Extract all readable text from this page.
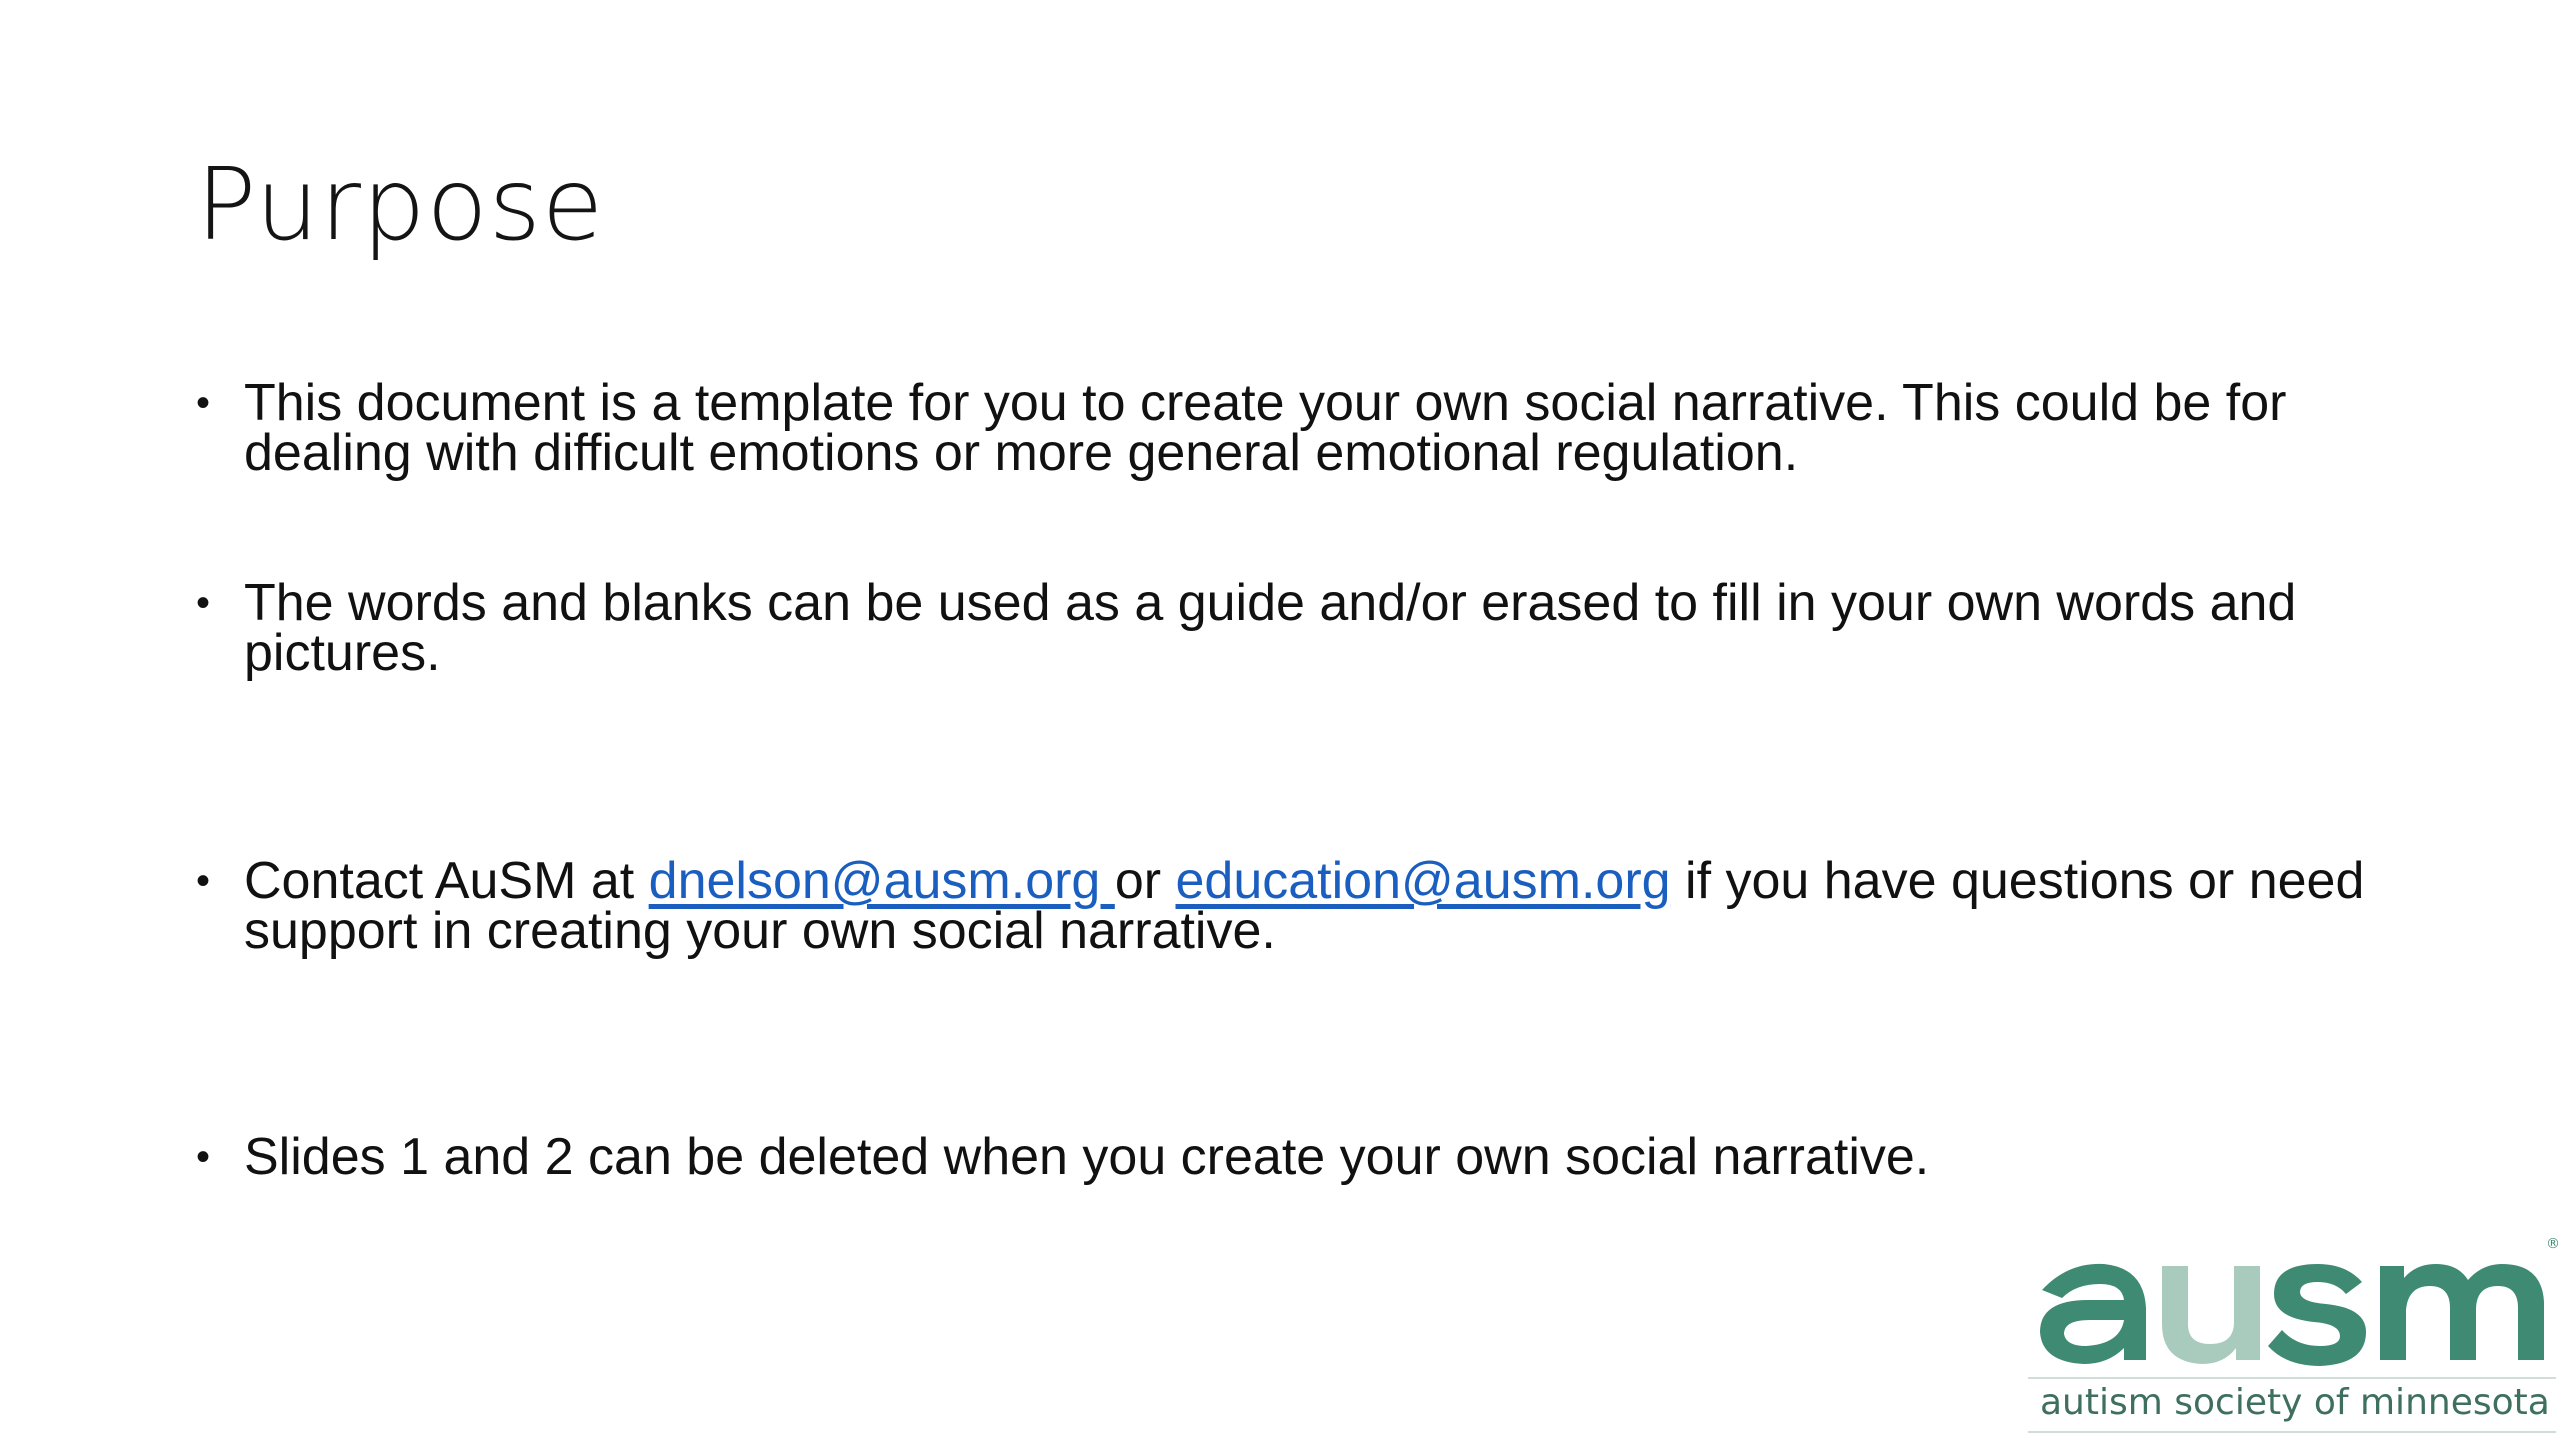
Purpose
• This document is a template for you to create your own social narrative. This could be for dealing with difficult emotions or more general emotional regulation.
• The words and blanks can be used as a guide and/or erased to fill in your own words and pictures.
• Contact AuSM at dnelson@ausm.org or education@ausm.org if you have questions or need support in creating your own social narrative.
• Slides 1 and 2 can be deleted when you create your own social narrative.
®
autism society of minnesota
